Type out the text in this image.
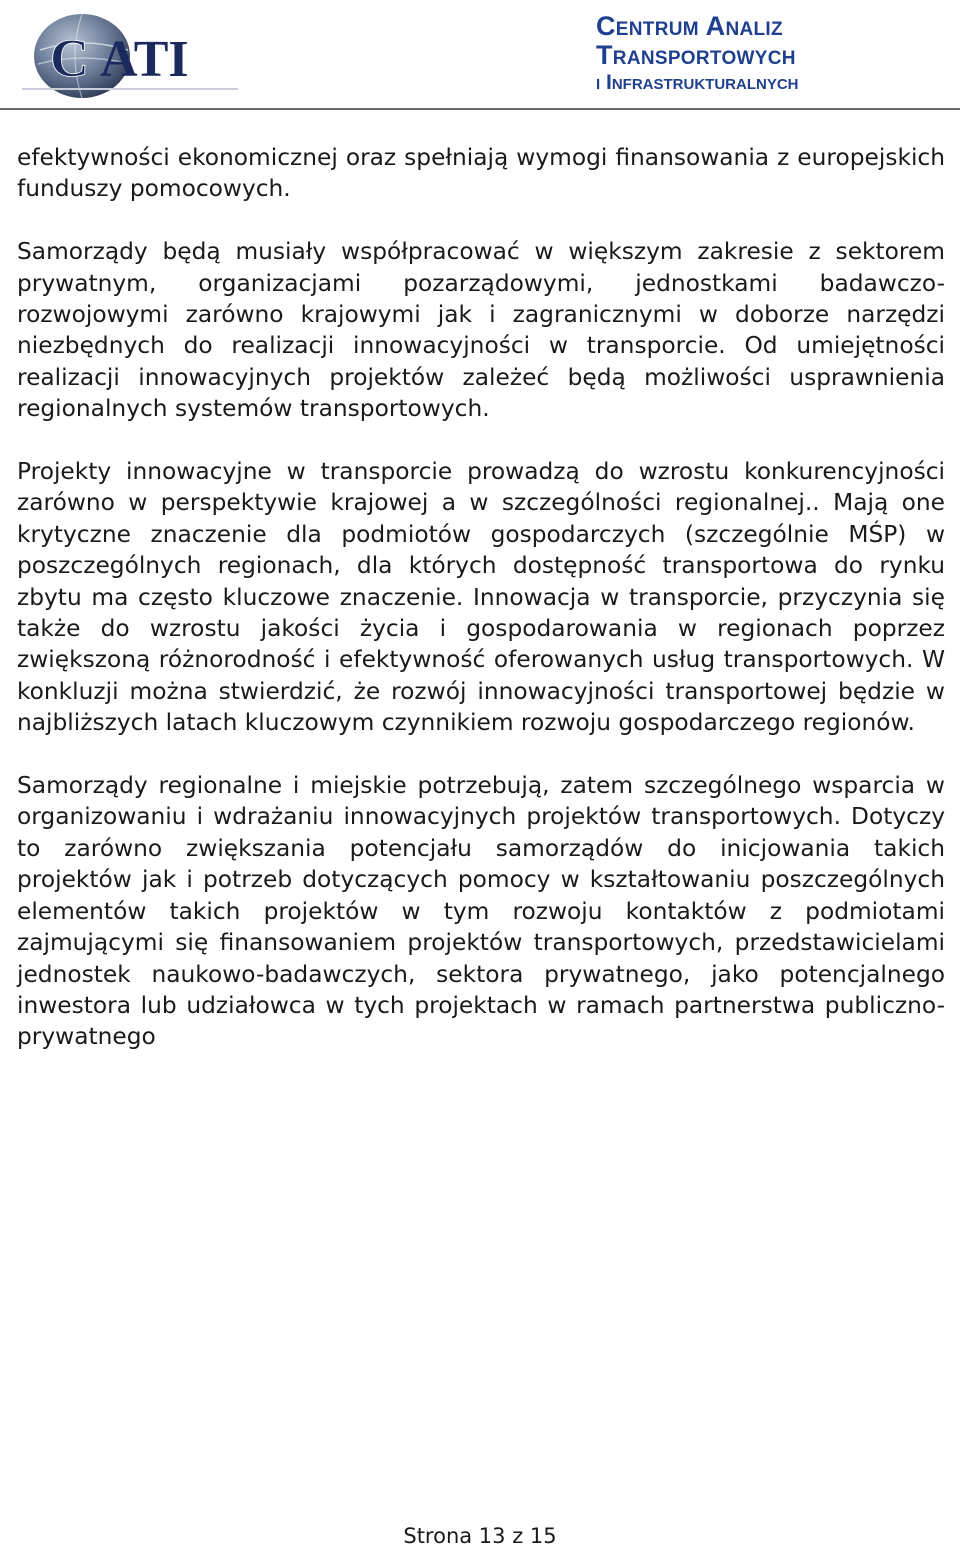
C ATI
Centrum Analiz
Transportowych
i Infrastrukturalnych

efektywności ekonomicznej oraz spełniają wymogi finansowania z europejskich funduszy pomocowych.

Samorządy będą musiały współpracować w większym zakresie z sektorem prywatnym, organizacjami pozarządowymi, jednostkami badawczo-rozwojowymi zarówno krajowymi jak i zagranicznymi w doborze narzędzi niezbędnych do realizacji innowacyjności w transporcie. Od umiejętności realizacji innowacyjnych projektów zależeć będą możliwości usprawnienia regionalnych systemów transportowych.

Projekty innowacyjne w transporcie prowadzą do wzrostu konkurencyjności zarówno w perspektywie krajowej a w szczególności regionalnej.. Mają one krytyczne znaczenie dla podmiotów gospodarczych (szczególnie MŚP) w poszczególnych regionach, dla których dostępność transportowa do rynku zbytu ma często kluczowe znaczenie. Innowacja w transporcie, przyczynia się także do wzrostu jakości życia i gospodarowania w regionach poprzez zwiększoną różnorodność i efektywność oferowanych usług transportowych. W konkluzji można stwierdzić, że rozwój innowacyjności transportowej będzie w najbliższych latach kluczowym czynnikiem rozwoju gospodarczego regionów.

Samorządy regionalne i miejskie potrzebują, zatem szczególnego wsparcia w organizowaniu i wdrażaniu innowacyjnych projektów transportowych. Dotyczy to zarówno zwiększania potencjału samorządów do inicjowania takich projektów jak i potrzeb dotyczących pomocy w kształtowaniu poszczególnych elementów takich projektów w tym rozwoju kontaktów z podmiotami zajmującymi się finansowaniem projektów transportowych, przedstawicielami jednostek naukowo-badawczych, sektora prywatnego, jako potencjalnego inwestora lub udziałowca w tych projektach w ramach partnerstwa publiczno-prywatnego

Strona 13 z 15
